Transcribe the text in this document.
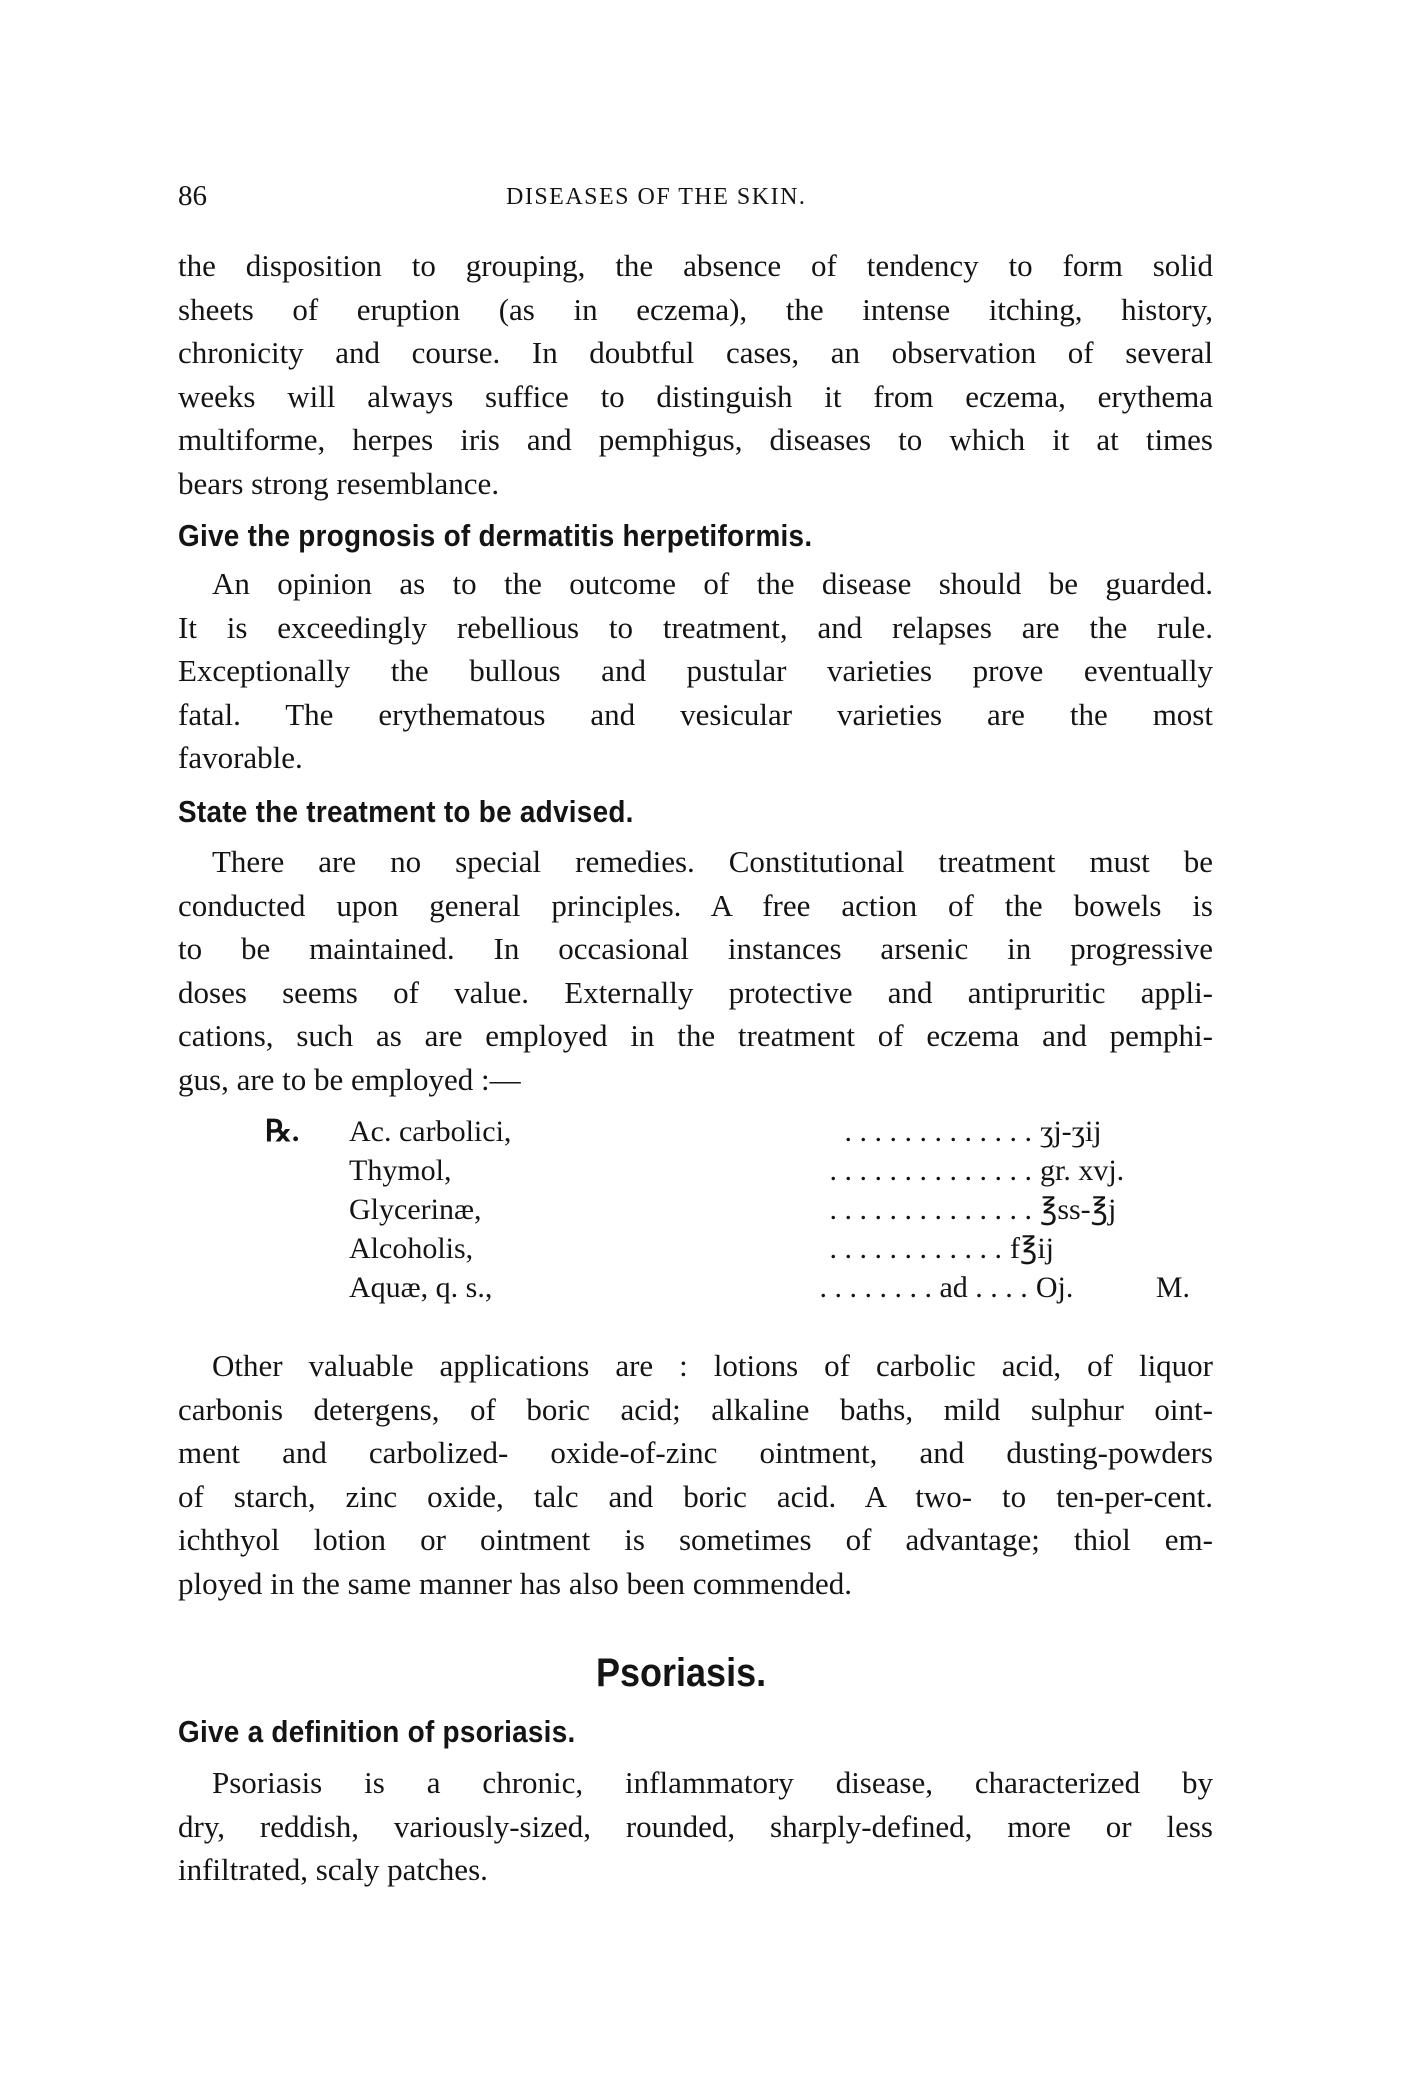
86	DISEASES OF THE SKIN.
the disposition to grouping, the absence of tendency to form solid
sheets of eruption (as in eczema), the intense itching, history,
chronicity and course. In doubtful cases, an observation of several
weeks will always suffice to distinguish it from eczema, erythema
multiforme, herpes iris and pemphigus, diseases to which it at times
bears strong resemblance.
Give the prognosis of dermatitis herpetiformis.
An opinion as to the outcome of the disease should be guarded.
It is exceedingly rebellious to treatment, and relapses are the rule.
Exceptionally the bullous and pustular varieties prove eventually
fatal. The erythematous and vesicular varieties are the most
favorable.
State the treatment to be advised.
There are no special remedies. Constitutional treatment must be
conducted upon general principles. A free action of the bowels is
to be maintained. In occasional instances arsenic in progressive
doses seems of value. Externally protective and antipruritic appli-
cations, such as are employed in the treatment of eczema and pemphi-
gus, are to be employed :—
℞.	Ac. carbolici,	. . . . . . . . . . . . . ʒj-ʒij
Thymol,	. . . . . . . . . . . . . . gr. xvj.
Glycerinæ,	. . . . . . . . . . . . . . ℥ss-℥j
Alcoholis,	. . . . . . . . . . . . f℥ij
Aquæ, q. s.,	. . . . . . . . ad . . . . Oj.	M.
Other valuable applications are : lotions of carbolic acid, of liquor
carbonis detergens, of boric acid; alkaline baths, mild sulphur oint-
ment and carbolized- oxide-of-zinc ointment, and dusting-powders
of starch, zinc oxide, talc and boric acid. A two- to ten-per-cent.
ichthyol lotion or ointment is sometimes of advantage; thiol em-
ployed in the same manner has also been commended.
Psoriasis.
Give a definition of psoriasis.
Psoriasis is a chronic, inflammatory disease, characterized by
dry, reddish, variously-sized, rounded, sharply-defined, more or less
infiltrated, scaly patches.
